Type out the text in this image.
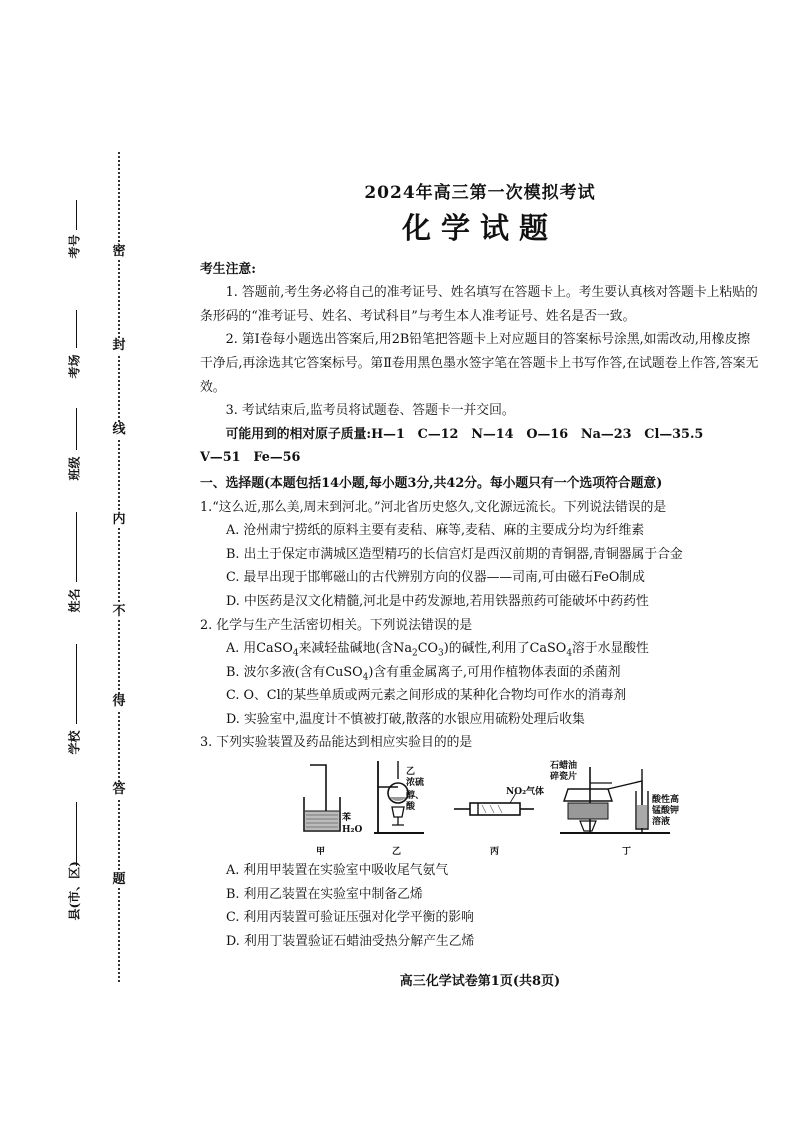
密
封
线
内
不
得
答
题
考号
考场
班级
姓名
学校
县(市、区)
2024年高三第一次模拟考试
化学试题
考生注意:
1. 答题前,考生务必将自己的准考证号、姓名填写在答题卡上。考生要认真核对答题卡上粘贴的条形码的“准考证号、姓名、考试科目”与考生本人准考证号、姓名是否一致。
2. 第Ⅰ卷每小题选出答案后,用2B铅笔把答题卡上对应题目的答案标号涂黑,如需改动,用橡皮擦干净后,再涂选其它答案标号。第Ⅱ卷用黑色墨水签字笔在答题卡上书写作答,在试题卷上作答,答案无效。
3. 考试结束后,监考员将试题卷、答题卡一并交回。
可能用到的相对原子质量:H—1　C—12　N—14　O—16　Na—23　Cl—35.5
V—51　Fe—56
一、选择题(本题包括14小题,每小题3分,共42分。每小题只有一个选项符合题意)
1.“这么近,那么美,周末到河北。”河北省历史悠久,文化源远流长。下列说法错误的是
A. 沧州肃宁捞纸的原料主要有麦秸、麻等,麦秸、麻的主要成分均为纤维素
B. 出土于保定市满城区造型精巧的长信宫灯是西汉前期的青铜器,青铜器属于合金
C. 最早出现于邯郸磁山的古代辨别方向的仪器——司南,可由磁石FeO制成
D. 中医药是汉文化精髓,河北是中药发源地,若用铁器煎药可能破坏中药药性
2. 化学与生产生活密切相关。下列说法错误的是
A. 用CaSO$_4$来减轻盐碱地(含$Na_2CO_3$)的碱性,利用了CaSO$_4$溶于水显酸性
B. 波尔多液(含有CuSO$_4$)含有重金属离子,可用作植物体表面的杀菌剂
C. O、Cl的某些单质或两元素之间形成的某种化合物均可作水的消毒剂
D. 实验室中,温度计不慎被打破,散落的水银应用硫粉处理后收集
3. 下列实验装置及药品能达到相应实验目的的是
苯
H₂O
甲
乙醇、
浓硫酸
乙
NO₂气体
丙
石蜡油
碎瓷片
酸性高
锰酸钾
溶液
丁
A. 利用甲装置在实验室中吸收尾气氨气
B. 利用乙装置在实验室中制备乙烯
C. 利用丙装置可验证压强对化学平衡的影响
D. 利用丁装置验证石蜡油受热分解产生乙烯
高三化学试卷第1页(共8页)
